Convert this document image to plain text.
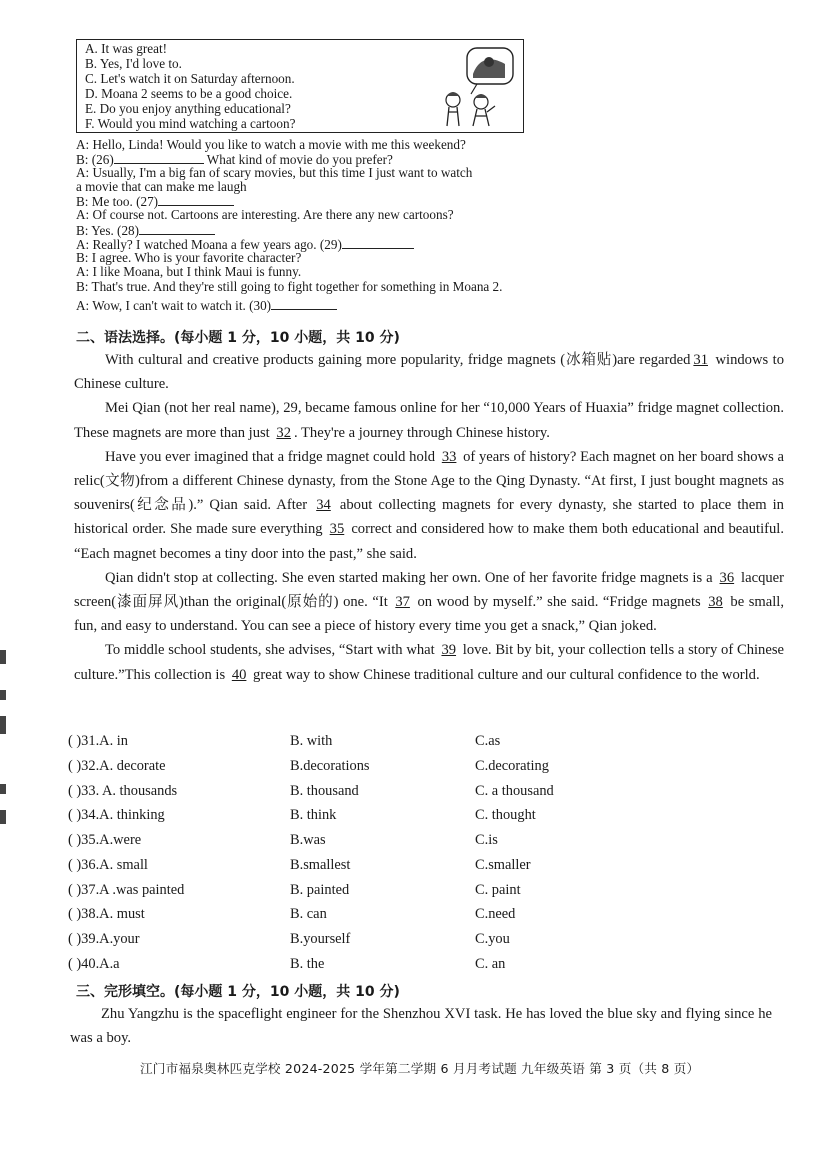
A. It was great!
B. Yes, I'd love to.
C. Let's watch it on Saturday afternoon.
D. Moana 2 seems to be a good choice.
E. Do you enjoy anything educational?
F. Would you mind watching a cartoon?
A: Hello, Linda! Would you like to watch a movie with me this weekend?
B: (26)	What kind of movie do you prefer?
A: Usually, I'm a big fan of scary movies, but this time I just want to watch
a movie that can make me laugh
B: Me too. (27)
A: Of course not. Cartoons are interesting. Are there any new cartoons?
B: Yes. (28)
A: Really? I watched Moana a few years ago. (29)
B: I agree. Who is your favorite character?
A: I like Moana, but I think Maui is funny.
B: That's true. And they're still going to fight together for something in Moana 2.
A: Wow, I can't wait to watch it. (30)
二、语法选择。(每小题 1 分，10 小题，共 10 分)

With cultural and creative products gaining more popularity, fridge magnets (冰箱贴)are regarded 31 windows to Chinese culture.

Mei Qian (not her real name), 29, became famous online for her “10,000 Years of Huaxia” fridge magnet collection. These magnets are more than just 32 . They're a journey through Chinese history.

Have you ever imagined that a fridge magnet could hold 33 of years of history? Each magnet on her board shows a relic(文物)from a different Chinese dynasty, from the Stone Age to the Qing Dynasty. “At first, I just bought magnets as souvenirs(纪念品).” Qian said. After 34 about collecting magnets for every dynasty, she started to place them in historical order. She made sure everything 35 correct and considered how to make them both educational and beautiful. “Each magnet becomes a tiny door into the past,” she said.

Qian didn't stop at collecting. She even started making her own. One of her favorite fridge magnets is a 36 lacquer screen(漆面屏风)than the original(原始的) one. “It 37 on wood by myself.” she said. “Fridge magnets 38 be small, fun, and easy to understand. You can see a piece of history every time you get a snack,” Qian joked.

To middle school students, she advises, “Start with what 39 love. Bit by bit, your collection tells a story of Chinese culture.”This collection is 40 great way to show Chinese traditional culture and our cultural confidence to the world.

( )31.A. in	B. with	C.as
( )32.A. decorate	B.decorations	C.decorating
( )33. A. thousands	B. thousand	C. a thousand
( )34.A. thinking	B. think	C. thought
( )35.A.were	B.was	C.is
( )36.A. small	B.smallest	C.smaller
( )37.A .was painted	B. painted	C. paint
( )38.A. must	B. can	C.need
( )39.A.your	B.yourself	C.you
( )40.A.a	B. the	C. an
三、完形填空。(每小题 1 分，10 小题，共 10 分)

Zhu Yangzhu is the spaceflight engineer for the Shenzhou XVI task. He has loved the blue sky and flying since he was a boy.

江门市福泉奥林匹克学校 2024-2025 学年第二学期 6 月月考试题 九年级英语 第 3 页（共 8 页）
